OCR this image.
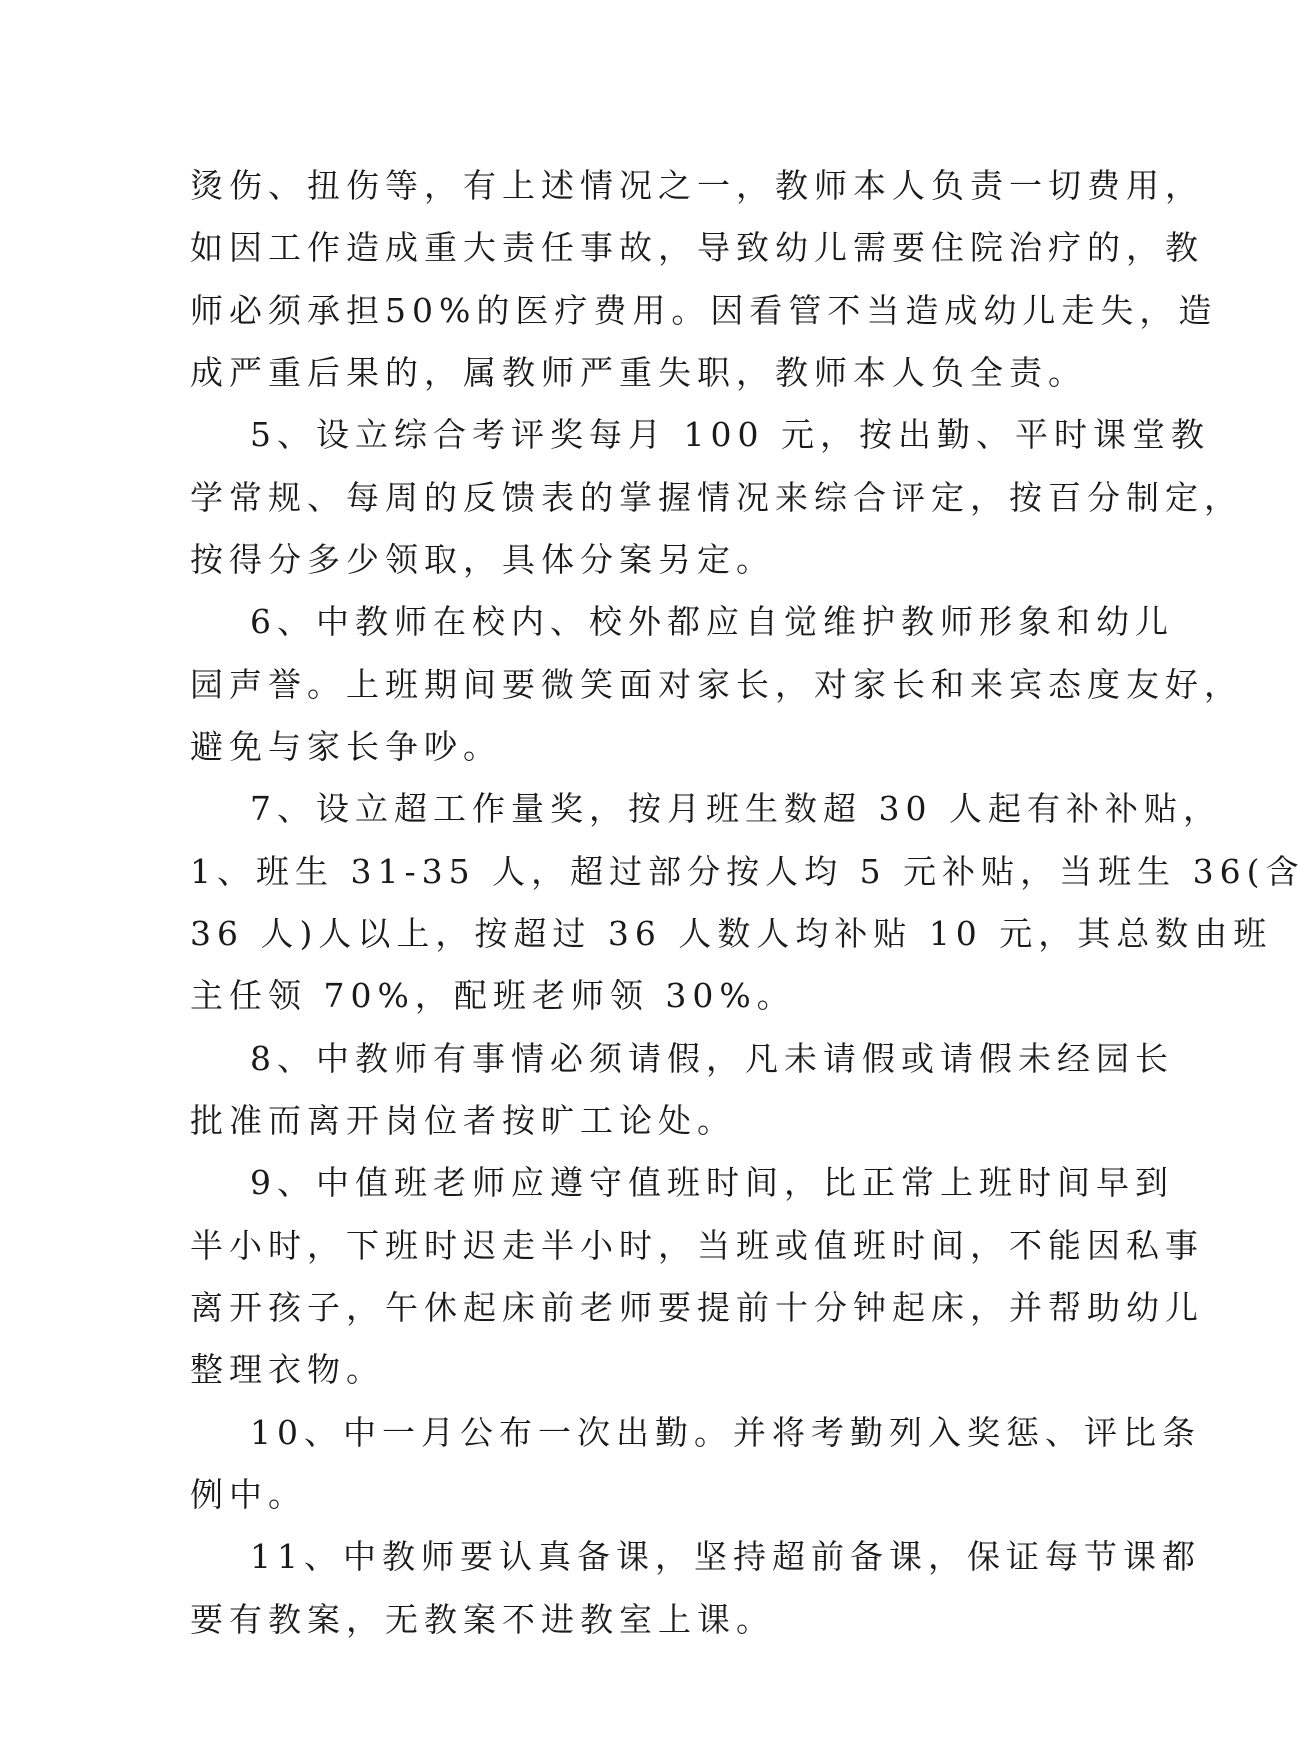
烫伤、扭伤等，有上述情况之一，教师本人负责一切费用，
如因工作造成重大责任事故，导致幼儿需要住院治疗的，教
师必须承担50%的医疗费用。因看管不当造成幼儿走失，造
成严重后果的，属教师严重失职，教师本人负全责。
5、设立综合考评奖每月 100 元，按出勤、平时课堂教
学常规、每周的反馈表的掌握情况来综合评定，按百分制定，
按得分多少领取，具体分案另定。
6、中教师在校内、校外都应自觉维护教师形象和幼儿
园声誉。上班期间要微笑面对家长，对家长和来宾态度友好，
避免与家长争吵。
7、设立超工作量奖，按月班生数超 30 人起有补补贴，
1、班生 31-35 人，超过部分按人均 5 元补贴，当班生 36(含
36 人)人以上，按超过 36 人数人均补贴 10 元，其总数由班
主任领 70%，配班老师领 30%。
8、中教师有事情必须请假，凡未请假或请假未经园长
批准而离开岗位者按旷工论处。
9、中值班老师应遵守值班时间，比正常上班时间早到
半小时，下班时迟走半小时，当班或值班时间，不能因私事
离开孩子，午休起床前老师要提前十分钟起床，并帮助幼儿
整理衣物。
10、中一月公布一次出勤。并将考勤列入奖惩、评比条
例中。
11、中教师要认真备课，坚持超前备课，保证每节课都
要有教案，无教案不进教室上课。
